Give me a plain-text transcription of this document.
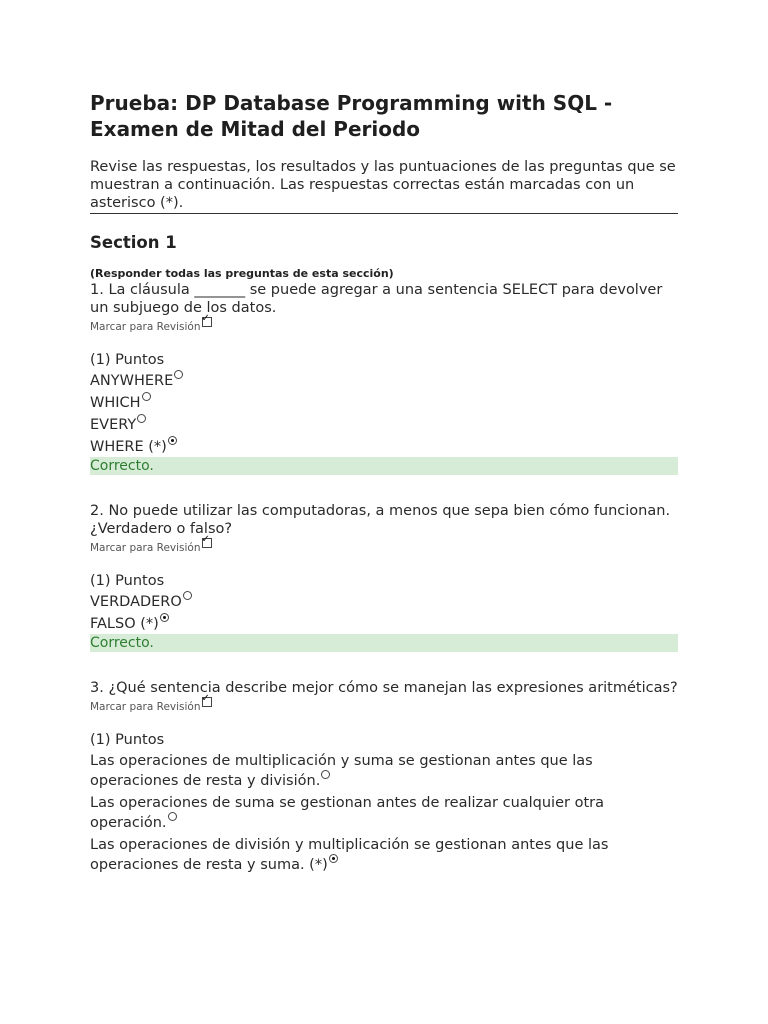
Prueba: DP Database Programming with SQL - Examen de Mitad del Periodo
Revise las respuestas, los resultados y las puntuaciones de las preguntas que se muestran a continuación. Las respuestas correctas están marcadas con un asterisco (*).
Section 1
(Responder todas las preguntas de esta sección)
1. La cláusula _______ se puede agregar a una sentencia SELECT para devolver un subjuego de los datos.
Marcar para Revisión
✓
(1) Puntos
ANYWHERE
WHICH
EVERY
WHERE (*)
Correcto.
2. No puede utilizar las computadoras, a menos que sepa bien cómo funcionan. ¿Verdadero o falso?
Marcar para Revisión
✓
(1) Puntos
VERDADERO
FALSO (*)
Correcto.
3. ¿Qué sentencia describe mejor cómo se manejan las expresiones aritméticas?
Marcar para Revisión
✓
(1) Puntos
Las operaciones de multiplicación y suma se gestionan antes que las operaciones de resta y división.
Las operaciones de suma se gestionan antes de realizar cualquier otra operación.
Las operaciones de división y multiplicación se gestionan antes que las operaciones de resta y suma. (*)
